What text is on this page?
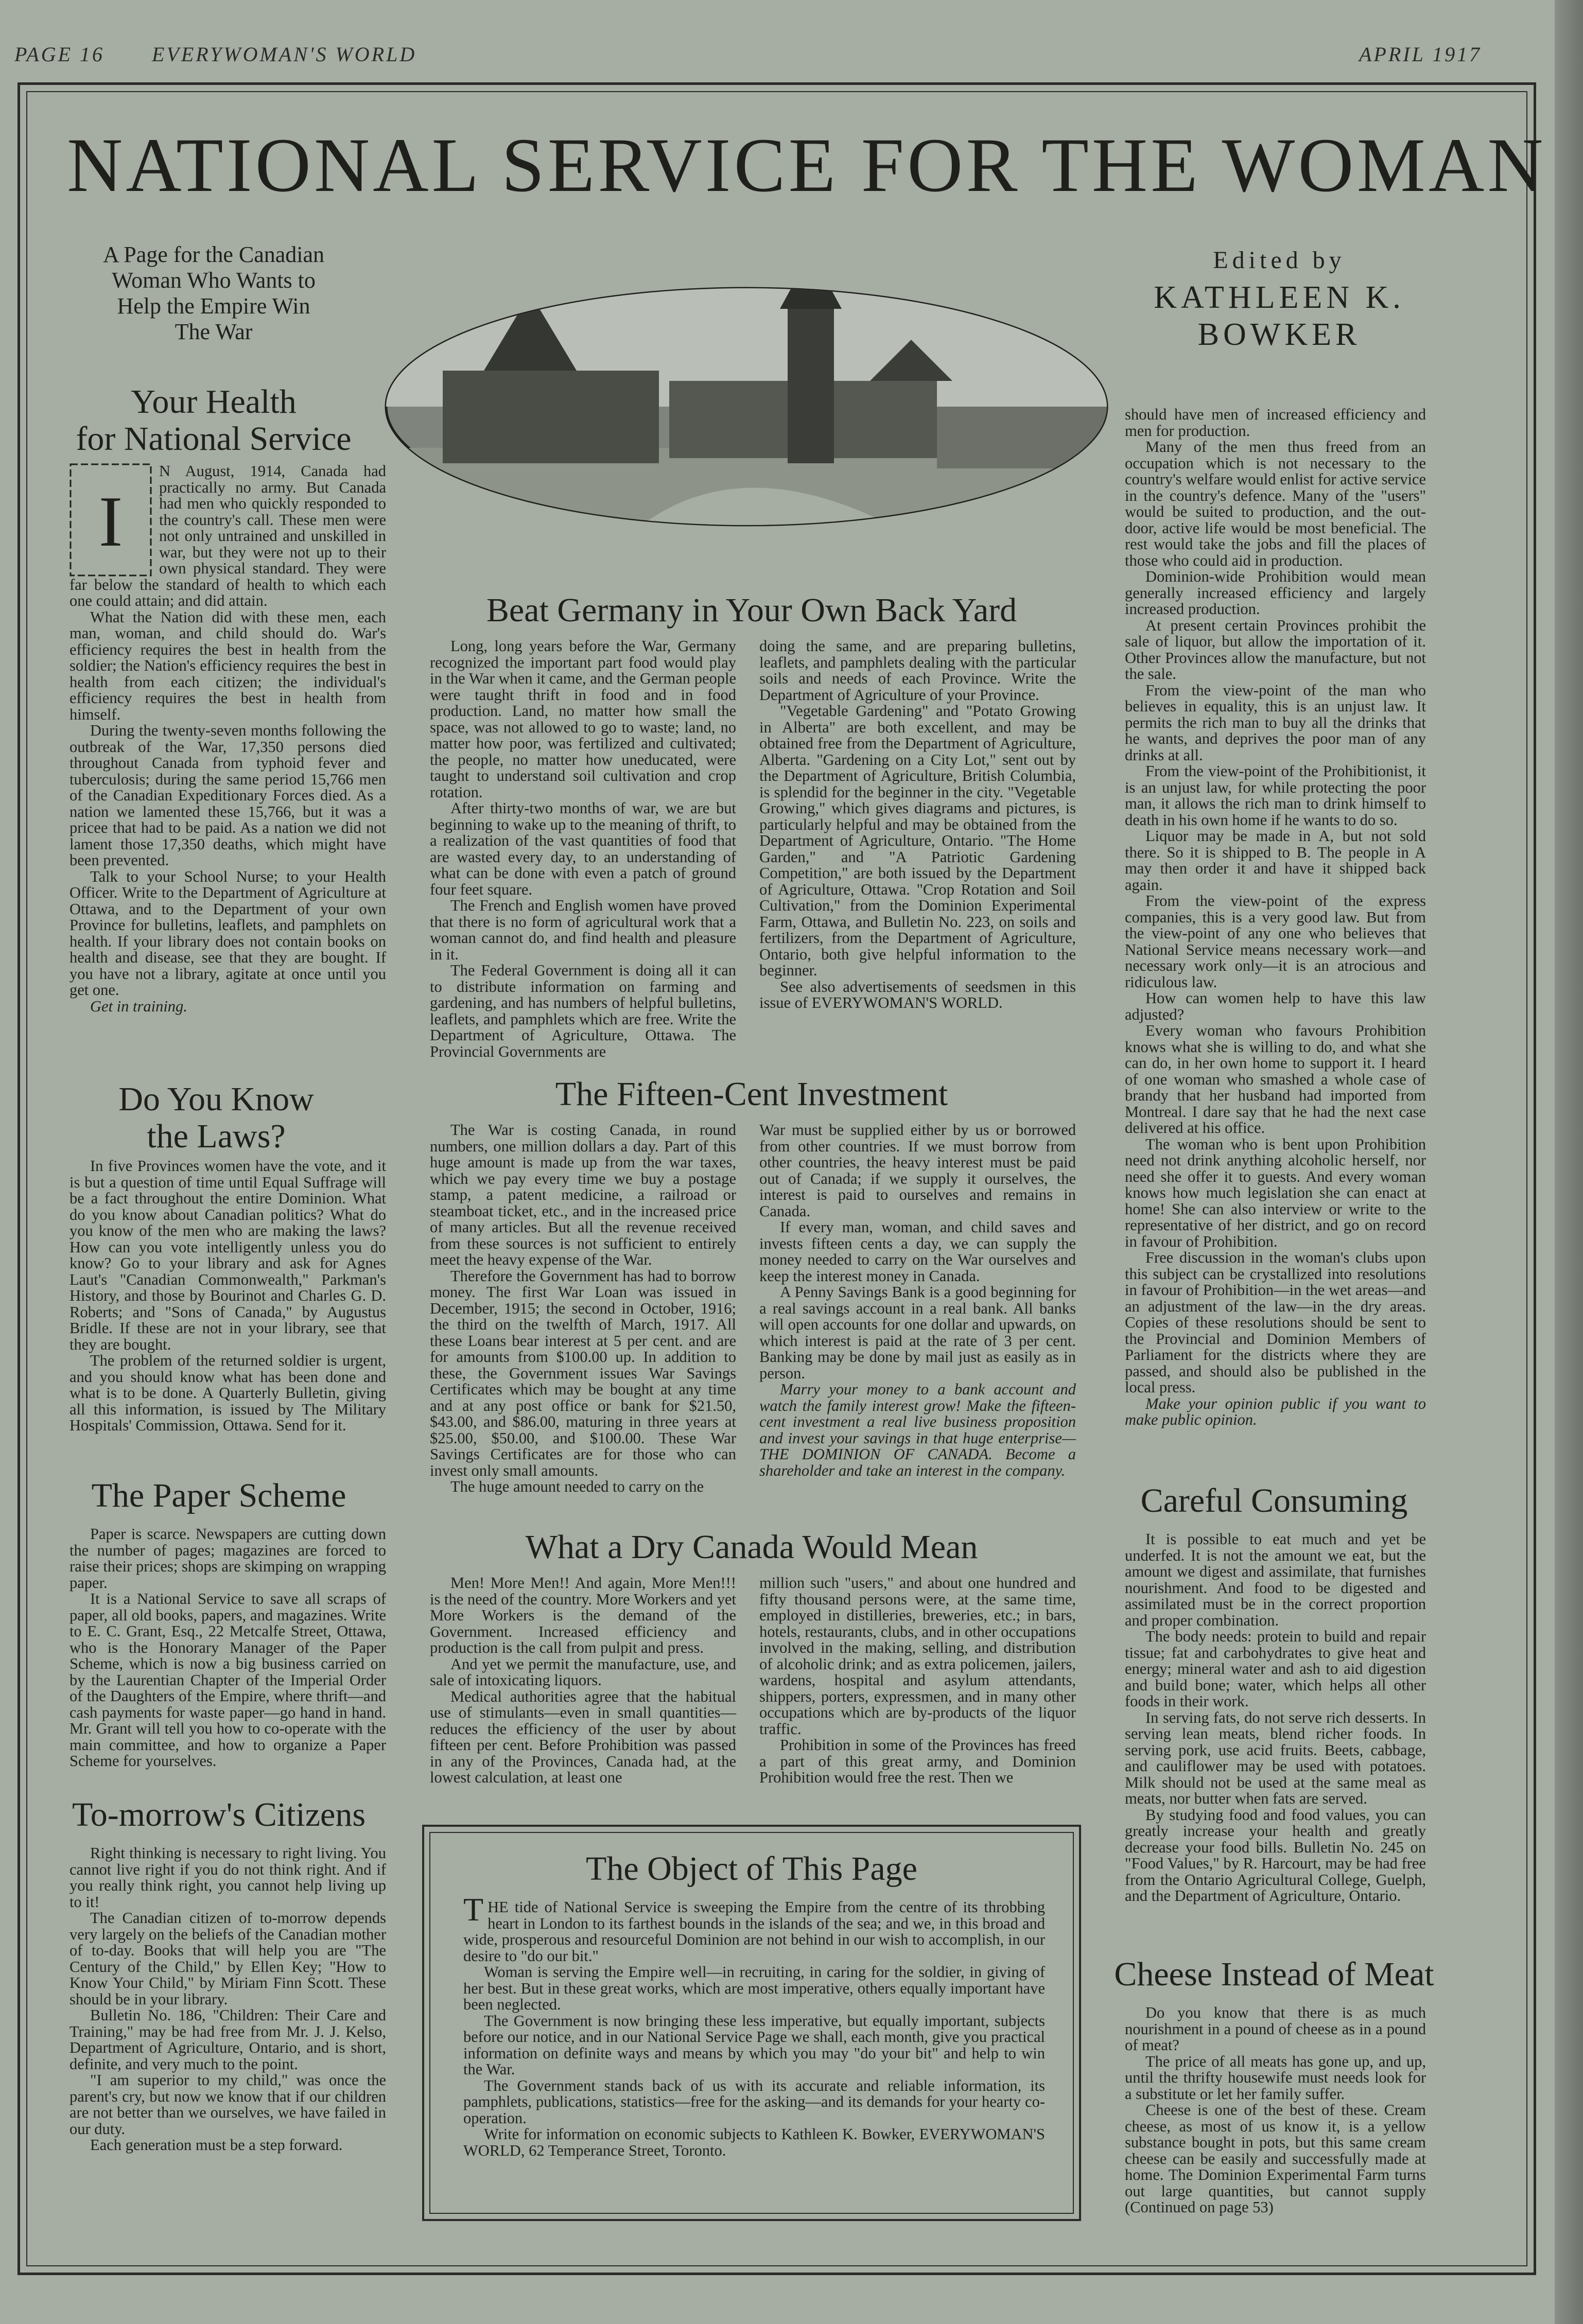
PAGE 16 EVERYWOMAN'S WORLD	APRIL 1917
NATIONAL SERVICE FOR THE WOMAN
A Page for the Canadian
Woman Who Wants to
Help the Empire Win
The War
Edited by
KATHLEEN K.
BOWKER
Your Health
for National Service
I

N August, 1914, Canada had practically no army. But Canada had men who quickly responded to the country's call. These men were not only untrained and unskilled in war, but they were not up to their own physical standard. They were far below the standard of health to which each one could attain; and did attain.

What the Nation did with these men, each man, woman, and child should do. War's efficiency requires the best in health from the soldier; the Nation's efficiency requires the best in health from each citizen; the individual's efficiency requires the best in health from himself.

During the twenty-seven months following the outbreak of the War, 17,350 persons died throughout Canada from typhoid fever and tuberculosis; during the same period 15,766 men of the Canadian Expeditionary Forces died. As a nation we lamented these 15,766, but it was a pricee that had to be paid. As a nation we did not lament those 17,350 deaths, which might have been prevented.

Talk to your School Nurse; to your Health Officer. Write to the Department of Agriculture at Ottawa, and to the Department of your own Province for bulletins, leaflets, and pamphlets on health. If your library does not contain books on health and disease, see that they are bought. If you have not a library, agitate at once until you get one.

Get in training.

Do You Know
the Laws?

In five Provinces women have the vote, and it is but a question of time until Equal Suffrage will be a fact throughout the entire Dominion. What do you know about Canadian politics? What do you know of the men who are making the laws? How can you vote intelligently unless you do know? Go to your library and ask for Agnes Laut's "Canadian Commonwealth," Parkman's History, and those by Bourinot and Charles G. D. Roberts; and "Sons of Canada," by Augustus Bridle. If these are not in your library, see that they are bought.

The problem of the returned soldier is urgent, and you should know what has been done and what is to be done. A Quarterly Bulletin, giving all this information, is issued by The Military Hospitals' Commission, Ottawa. Send for it.

The Paper Scheme

Paper is scarce. Newspapers are cutting down the number of pages; magazines are forced to raise their prices; shops are skimping on wrapping paper.

It is a National Service to save all scraps of paper, all old books, papers, and magazines. Write to E. C. Grant, Esq., 22 Metcalfe Street, Ottawa, who is the Honorary Manager of the Paper Scheme, which is now a big business carried on by the Laurentian Chapter of the Imperial Order of the Daughters of the Empire, where thrift—and cash payments for waste paper—go hand in hand. Mr. Grant will tell you how to co-operate with the main committee, and how to organize a Paper Scheme for yourselves.

To-morrow's Citizens

Right thinking is necessary to right living. You cannot live right if you do not think right. And if you really think right, you cannot help living up to it!

The Canadian citizen of to-morrow depends very largely on the beliefs of the Canadian mother of to-day. Books that will help you are "The Century of the Child," by Ellen Key; "How to Know Your Child," by Miriam Finn Scott. These should be in your library.

Bulletin No. 186, "Children: Their Care and Training," may be had free from Mr. J. J. Kelso, Department of Agriculture, Ontario, and is short, definite, and very much to the point.

"I am superior to my child," was once the parent's cry, but now we know that if our children are not better than we ourselves, we have failed in our duty.

Each generation must be a step forward.

Beat Germany in Your Own Back Yard

Long, long years before the War, Germany recognized the important part food would play in the War when it came, and the German people were taught thrift in food and in food production. Land, no matter how small the space, was not allowed to go to waste; land, no matter how poor, was fertilized and cultivated; the people, no matter how uneducated, were taught to understand soil cultivation and crop rotation.

After thirty-two months of war, we are but beginning to wake up to the meaning of thrift, to a realization of the vast quantities of food that are wasted every day, to an understanding of what can be done with even a patch of ground four feet square.

The French and English women have proved that there is no form of agricultural work that a woman cannot do, and find health and pleasure in it.

The Federal Government is doing all it can to distribute information on farming and gardening, and has numbers of helpful bulletins, leaflets, and pamphlets which are free. Write the Department of Agriculture, Ottawa. The Provincial Governments are

doing the same, and are preparing bulletins, leaflets, and pamphlets dealing with the particular soils and needs of each Province. Write the Department of Agriculture of your Province.

"Vegetable Gardening" and "Potato Growing in Alberta" are both excellent, and may be obtained free from the Department of Agriculture, Alberta. "Gardening on a City Lot," sent out by the Department of Agriculture, British Columbia, is splendid for the beginner in the city. "Vegetable Growing," which gives diagrams and pictures, is particularly helpful and may be obtained from the Department of Agriculture, Ontario. "The Home Garden," and "A Patriotic Gardening Competition," are both issued by the Department of Agriculture, Ottawa. "Crop Rotation and Soil Cultivation," from the Dominion Experimental Farm, Ottawa, and Bulletin No. 223, on soils and fertilizers, from the Department of Agriculture, Ontario, both give helpful information to the beginner.

See also advertisements of seedsmen in this issue of EVERYWOMAN'S WORLD.

The Fifteen-Cent Investment

The War is costing Canada, in round numbers, one million dollars a day. Part of this huge amount is made up from the war taxes, which we pay every time we buy a postage stamp, a patent medicine, a railroad or steamboat ticket, etc., and in the increased price of many articles. But all the revenue received from these sources is not sufficient to entirely meet the heavy expense of the War.

Therefore the Government has had to borrow money. The first War Loan was issued in December, 1915; the second in October, 1916; the third on the twelfth of March, 1917. All these Loans bear interest at 5 per cent. and are for amounts from $100.00 up. In addition to these, the Government issues War Savings Certificates which may be bought at any time and at any post office or bank for $21.50, $43.00, and $86.00, maturing in three years at $25.00, $50.00, and $100.00. These War Savings Certificates are for those who can invest only small amounts.

The huge amount needed to carry on the

War must be supplied either by us or borrowed from other countries. If we must borrow from other countries, the heavy interest must be paid out of Canada; if we supply it ourselves, the interest is paid to ourselves and remains in Canada.

If every man, woman, and child saves and invests fifteen cents a day, we can supply the money needed to carry on the War ourselves and keep the interest money in Canada.

A Penny Savings Bank is a good beginning for a real savings account in a real bank. All banks will open accounts for one dollar and upwards, on which interest is paid at the rate of 3 per cent. Banking may be done by mail just as easily as in person.

Marry your money to a bank account and watch the family interest grow! Make the fifteen-cent investment a real live business proposition and invest your savings in that huge enterprise—THE DOMINION OF CANADA. Become a shareholder and take an interest in the company.

What a Dry Canada Would Mean

Men! More Men!! And again, More Men!!! is the need of the country. More Workers and yet More Workers is the demand of the Government. Increased efficiency and production is the call from pulpit and press.

And yet we permit the manufacture, use, and sale of intoxicating liquors.

Medical authorities agree that the habitual use of stimulants—even in small quantities—reduces the efficiency of the user by about fifteen per cent. Before Prohibition was passed in any of the Provinces, Canada had, at the lowest calculation, at least one

million such "users," and about one hundred and fifty thousand persons were, at the same time, employed in distilleries, breweries, etc.; in bars, hotels, restaurants, clubs, and in other occupations involved in the making, selling, and distribution of alcoholic drink; and as extra policemen, jailers, wardens, hospital and asylum attendants, shippers, porters, expressmen, and in many other occupations which are by-products of the liquor traffic.

Prohibition in some of the Provinces has freed a part of this great army, and Dominion Prohibition would free the rest. Then we

The Object of This Page

THE tide of National Service is sweeping the Empire from the centre of its throbbing heart in London to its farthest bounds in the islands of the sea; and we, in this broad and wide, prosperous and resourceful Dominion are not behind in our wish to accomplish, in our desire to "do our bit."

Woman is serving the Empire well—in recruiting, in caring for the soldier, in giving of her best. But in these great works, which are most imperative, others equally important have been neglected.

The Government is now bringing these less imperative, but equally important, subjects before our notice, and in our National Service Page we shall, each month, give you practical information on definite ways and means by which you may "do your bit" and help to win the War.

The Government stands back of us with its accurate and reliable information, its pamphlets, publications, statistics—free for the asking—and its demands for your hearty co-operation.

Write for information on economic subjects to Kathleen K. Bowker, EVERYWOMAN'S WORLD, 62 Temperance Street, Toronto.

should have men of increased efficiency and men for production.

Many of the men thus freed from an occupation which is not necessary to the country's welfare would enlist for active service in the country's defence. Many of the "users" would be suited to production, and the out-door, active life would be most beneficial. The rest would take the jobs and fill the places of those who could aid in production.

Dominion-wide Prohibition would mean generally increased efficiency and largely increased production.

At present certain Provinces prohibit the sale of liquor, but allow the importation of it. Other Provinces allow the manufacture, but not the sale.

From the view-point of the man who believes in equality, this is an unjust law. It permits the rich man to buy all the drinks that he wants, and deprives the poor man of any drinks at all.

From the view-point of the Prohibitionist, it is an unjust law, for while protecting the poor man, it allows the rich man to drink himself to death in his own home if he wants to do so.

Liquor may be made in A, but not sold there. So it is shipped to B. The people in A may then order it and have it shipped back again.

From the view-point of the express companies, this is a very good law. But from the view-point of any one who believes that National Service means necessary work—and necessary work only—it is an atrocious and ridiculous law.

How can women help to have this law adjusted?

Every woman who favours Prohibition knows what she is willing to do, and what she can do, in her own home to support it. I heard of one woman who smashed a whole case of brandy that her husband had imported from Montreal. I dare say that he had the next case delivered at his office.

The woman who is bent upon Prohibition need not drink anything alcoholic herself, nor need she offer it to guests. And every woman knows how much legislation she can enact at home! She can also interview or write to the representative of her district, and go on record in favour of Prohibition.

Free discussion in the woman's clubs upon this subject can be crystallized into resolutions in favour of Prohibition—in the wet areas—and an adjustment of the law—in the dry areas. Copies of these resolutions should be sent to the Provincial and Dominion Members of Parliament for the districts where they are passed, and should also be published in the local press.

Make your opinion public if you want to make public opinion.

Careful Consuming

It is possible to eat much and yet be underfed. It is not the amount we eat, but the amount we digest and assimilate, that furnishes nourishment. And food to be digested and assimilated must be in the correct proportion and proper combination.

The body needs: protein to build and repair tissue; fat and carbohydrates to give heat and energy; mineral water and ash to aid digestion and build bone; water, which helps all other foods in their work.

In serving fats, do not serve rich desserts. In serving lean meats, blend richer foods. In serving pork, use acid fruits. Beets, cabbage, and cauliflower may be used with potatoes. Milk should not be used at the same meal as meats, nor butter when fats are served.

By studying food and food values, you can greatly increase your health and greatly decrease your food bills. Bulletin No. 245 on "Food Values," by R. Harcourt, may be had free from the Ontario Agricultural College, Guelph, and the Department of Agriculture, Ontario.

Cheese Instead of Meat

Do you know that there is as much nourishment in a pound of cheese as in a pound of meat?

The price of all meats has gone up, and up, until the thrifty housewife must needs look for a substitute or let her family suffer.

Cheese is one of the best of these. Cream cheese, as most of us know it, is a yellow substance bought in pots, but this same cream cheese can be easily and successfully made at home. The Dominion Experimental Farm turns out large quantities, but cannot supply (Continued on page 53)
